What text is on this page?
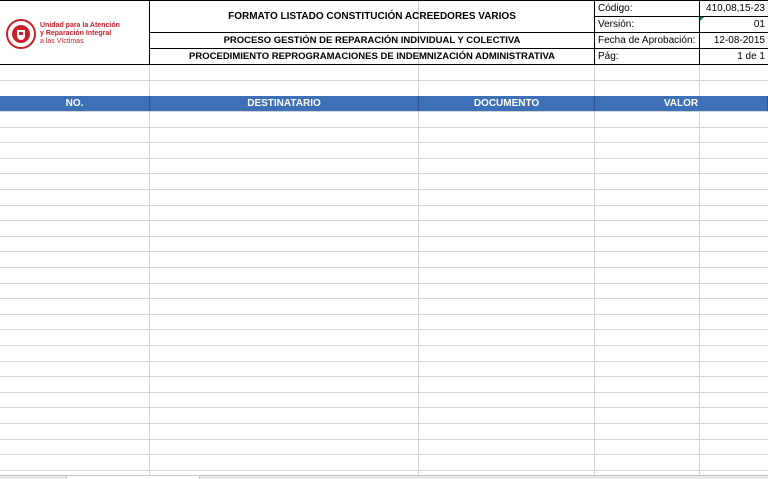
Unidad para la Atención
y Reparación Integral
a las Víctimas
FORMATO LISTADO CONSTITUCIÓN ACREEDORES VARIOS
PROCESO GESTIÓN DE REPARACIÓN INDIVIDUAL Y COLECTIVA
PROCEDIMIENTO REPROGRAMACIONES DE INDEMNIZACIÓN ADMINISTRATIVA
Código:	410,08,15-23
Versión:	01
Fecha de Aprobación:	12-08-2015
Pág:	1 de 1
NO.	DESTINATARIO	DOCUMENTO	VALOR
